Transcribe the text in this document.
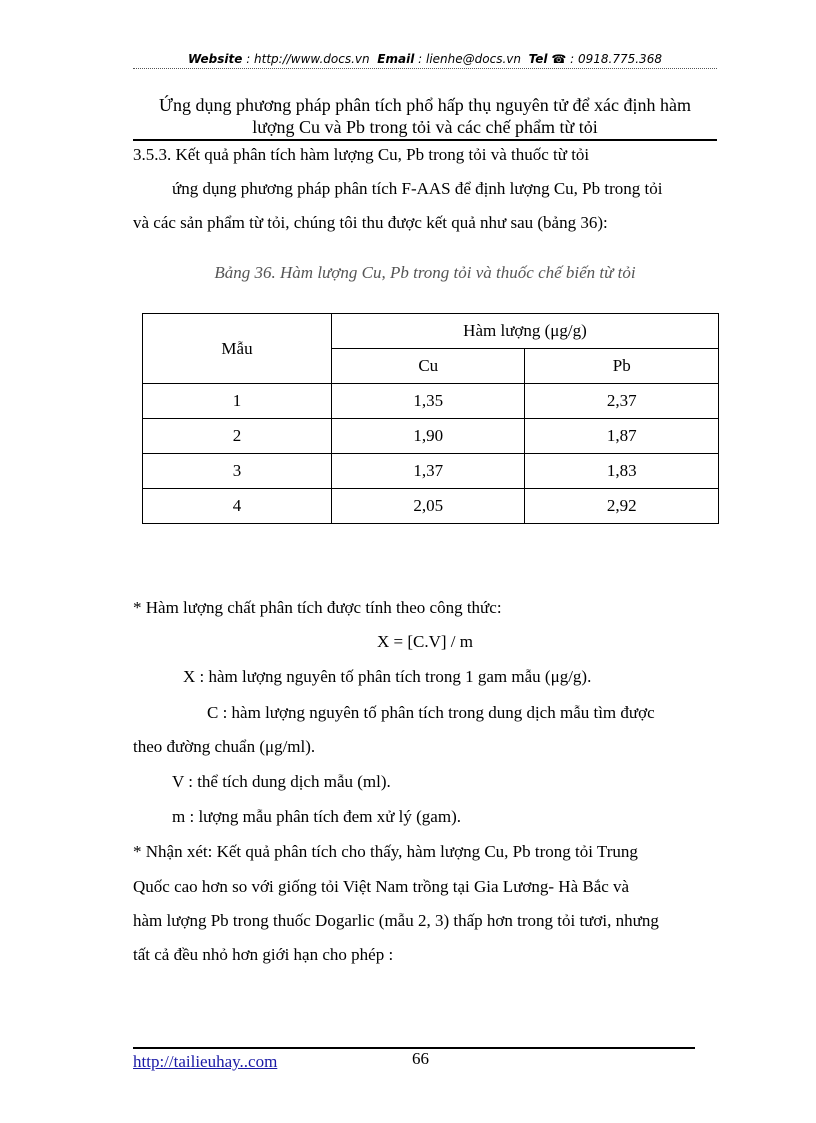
Website : http://www.docs.vn Email : lienhe@docs.vn Tel ☎ : 0918.775.368
Ứng dụng phương pháp phân tích phổ hấp thụ nguyên tử để xác định hàm
lượng Cu và Pb trong tỏi và các chế phẩm từ tỏi
3.5.3. Kết quả phân tích hàm lượng Cu, Pb trong tỏi và thuốc từ tỏi
ứng dụng phương pháp phân tích F-AAS để định lượng Cu, Pb trong tỏi
và các sản phẩm từ tỏi, chúng tôi thu được kết quả như sau (bảng 36):
Bảng 36. Hàm lượng Cu, Pb trong tỏi và thuốc chế biến từ tỏi
Mẫu	Hàm lượng (μg/g)	
	Cu	Pb
1	1,35	2,37
2	1,90	1,87
3	1,37	1,83
4	2,05	2,92
* Hàm lượng chất phân tích được tính theo công thức:
X = [C.V] / m
X : hàm lượng nguyên tố phân tích trong 1 gam mẫu (μg/g).
C : hàm lượng nguyên tố phân tích trong dung dịch mẫu tìm được
theo đường chuẩn (μg/ml).
V : thể tích dung dịch mẫu (ml).
m : lượng mẫu phân tích đem xử lý (gam).
* Nhận xét: Kết quả phân tích cho thấy, hàm lượng Cu, Pb trong tỏi Trung
Quốc cao hơn so với giống tỏi Việt Nam trồng tại Gia Lương- Hà Bắc và
hàm lượng Pb trong thuốc Dogarlic (mẫu 2, 3) thấp hơn trong tỏi tươi, nhưng
tất cả đều nhỏ hơn giới hạn cho phép :
http://tailieuhay..com	66
